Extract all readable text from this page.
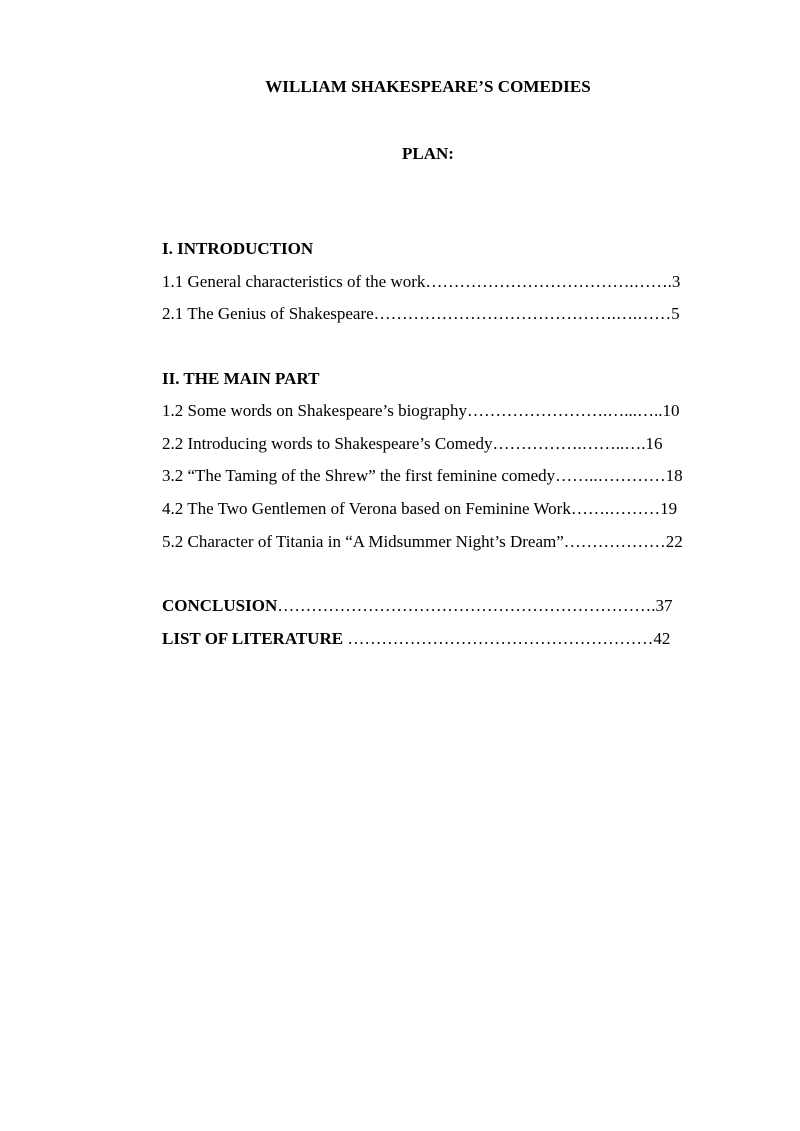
WILLIAM SHAKESPEARE’S COMEDIES
PLAN:
I. INTRODUCTION
1.1 General characteristics of the work……………………………….…….3
2.1 The Genius of Shakespeare…………………………………….….……5
II. THE MAIN PART
1.2 Some words on Shakespeare’s biography…………………….…...…..10
2.2 Introducing words to Shakespeare’s Comedy…………….……..….16
3.2 “The Taming of the Shrew” the first feminine comedy……..…………18
4.2 The Two Gentlemen of Verona based on Feminine Work…….………19
5.2 Character of Titania in “A Midsummer Night’s Dream”………………22
CONCLUSION………………………………………………………….37
LIST OF LITERATURE ………………………………………………42
